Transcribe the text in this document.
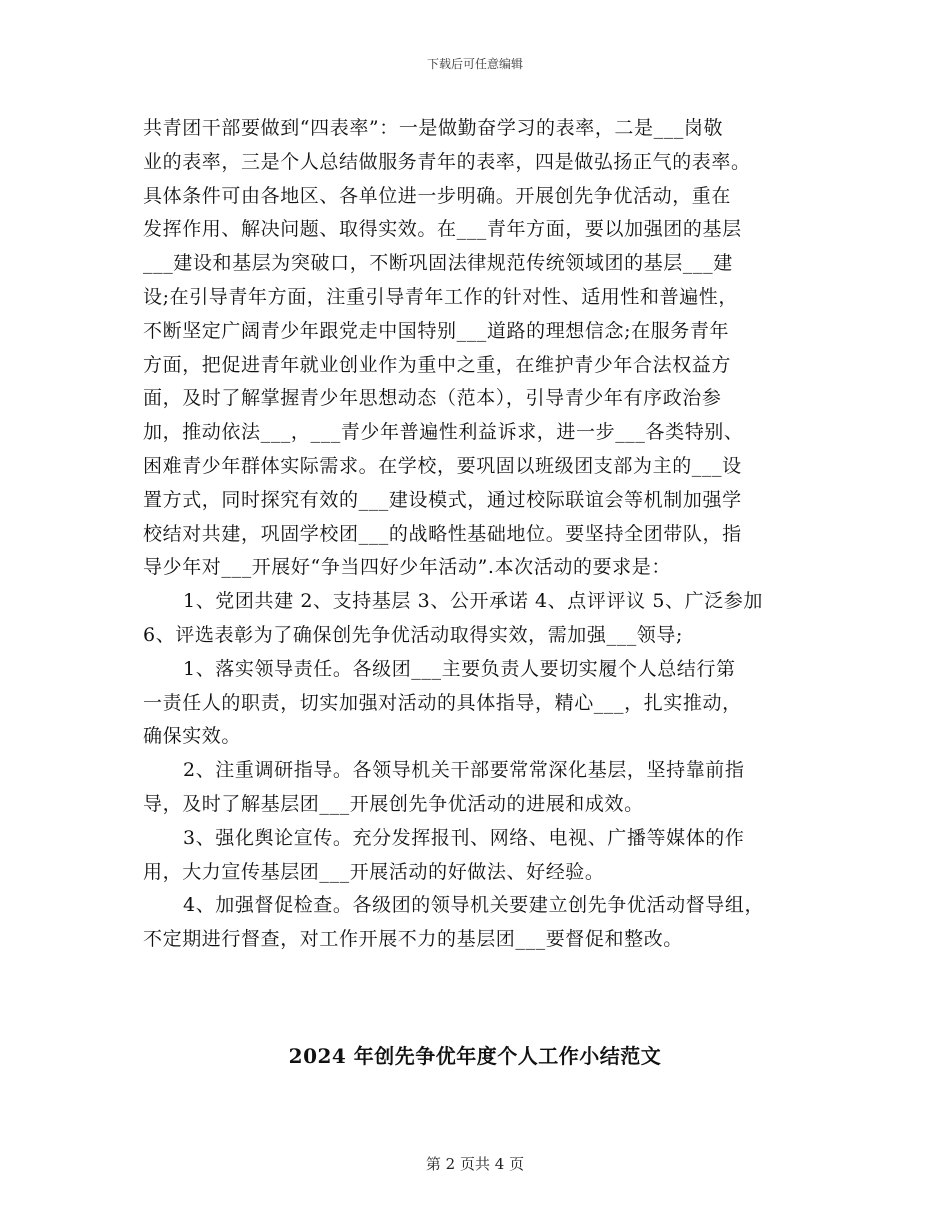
下载后可任意编辑
共青团干部要做到“四表率”：一是做勤奋学习的表率，二是___岗敬
业的表率，三是个人总结做服务青年的表率，四是做弘扬正气的表率。
具体条件可由各地区、各单位进一步明确。开展创先争优活动，重在
发挥作用、解决问题、取得实效。在___青年方面，要以加强团的基层
___建设和基层为突破口，不断巩固法律规范传统领域团的基层___建
设;在引导青年方面，注重引导青年工作的针对性、适用性和普遍性，
不断坚定广阔青少年跟党走中国特别___道路的理想信念;在服务青年
方面，把促进青年就业创业作为重中之重，在维护青少年合法权益方
面，及时了解掌握青少年思想动态（范本），引导青少年有序政治参
加，推动依法___，___青少年普遍性利益诉求，进一步___各类特别、
困难青少年群体实际需求。在学校，要巩固以班级团支部为主的___设
置方式，同时探究有效的___建设模式，通过校际联谊会等机制加强学
校结对共建，巩固学校团___的战略性基础地位。要坚持全团带队，指
导少年对___开展好“争当四好少年活动”.本次活动的要求是：
1、党团共建 2、支持基层 3、公开承诺 4、点评评议 5、广泛参加
6、评选表彰为了确保创先争优活动取得实效，需加强___领导;
1、落实领导责任。各级团___主要负责人要切实履个人总结行第
一责任人的职责，切实加强对活动的具体指导，精心___，扎实推动，
确保实效。
2、注重调研指导。各领导机关干部要常常深化基层，坚持靠前指
导，及时了解基层团___开展创先争优活动的进展和成效。
3、强化舆论宣传。充分发挥报刊、网络、电视、广播等媒体的作
用，大力宣传基层团___开展活动的好做法、好经验。
4、加强督促检查。各级团的领导机关要建立创先争优活动督导组，
不定期进行督查，对工作开展不力的基层团___要督促和整改。
2024 年创先争优年度个人工作小结范文
第 2 页共 4 页
